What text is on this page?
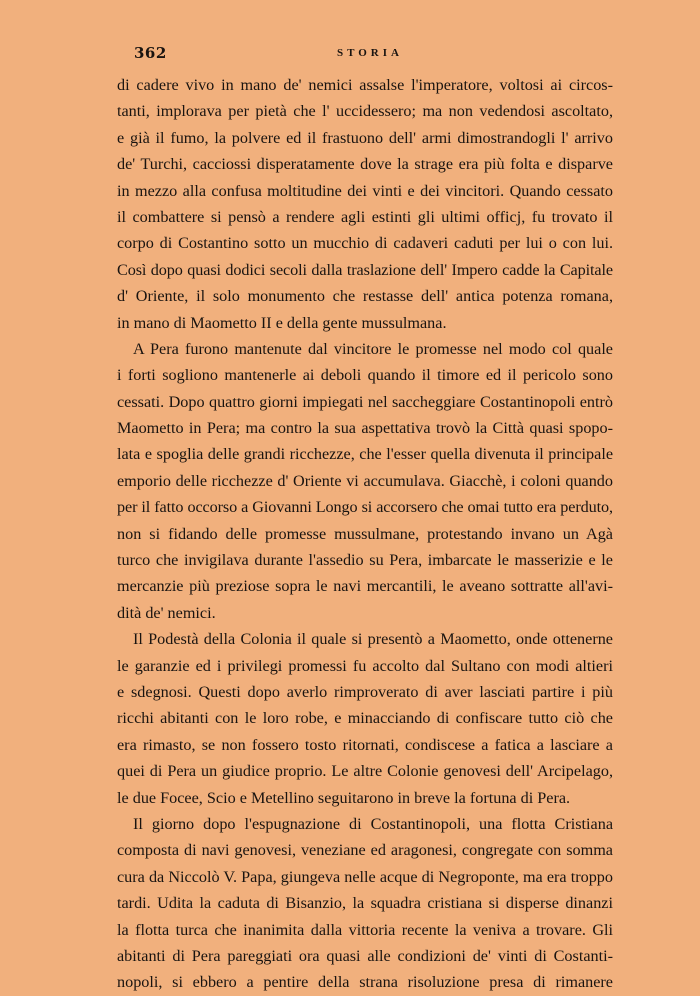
362	STORIA
di cadere vivo in mano de' nemici assalse l'imperatore, voltosi ai circos-
tanti, implorava per pietà che l' uccidessero; ma non vedendosi ascoltato,
e già il fumo, la polvere ed il frastuono dell' armi dimostrandogli l' arrivo
de' Turchi, cacciossi disperatamente dove la strage era più folta e disparve
in mezzo alla confusa moltitudine dei vinti e dei vincitori. Quando cessato
il combattere si pensò a rendere agli estinti gli ultimi officj, fu trovato il
corpo di Costantino sotto un mucchio di cadaveri caduti per lui o con lui.
Così dopo quasi dodici secoli dalla traslazione dell' Impero cadde la Capitale
d' Oriente, il solo monumento che restasse dell' antica potenza romana,
in mano di Maometto II e della gente mussulmana.
A Pera furono mantenute dal vincitore le promesse nel modo col quale
i forti sogliono mantenerle ai deboli quando il timore ed il pericolo sono
cessati. Dopo quattro giorni impiegati nel saccheggiare Costantinopoli entrò
Maometto in Pera; ma contro la sua aspettativa trovò la Città quasi spopo-
lata e spoglia delle grandi ricchezze, che l'esser quella divenuta il principale
emporio delle ricchezze d' Oriente vi accumulava. Giacchè, i coloni quando
per il fatto occorso a Giovanni Longo si accorsero che omai tutto era perduto,
non si fidando delle promesse mussulmane, protestando invano un Agà
turco che invigilava durante l'assedio su Pera, imbarcate le masserizie e le
mercanzie più preziose sopra le navi mercantili, le aveano sottratte all'avi-
dità de' nemici.
Il Podestà della Colonia il quale si presentò a Maometto, onde ottenerne
le garanzie ed i privilegi promessi fu accolto dal Sultano con modi altieri
e sdegnosi. Questi dopo averlo rimproverato di aver lasciati partire i più
ricchi abitanti con le loro robe, e minacciando di confiscare tutto ciò che
era rimasto, se non fossero tosto ritornati, condiscese a fatica a lasciare a
quei di Pera un giudice proprio. Le altre Colonie genovesi dell' Arcipelago,
le due Focee, Scio e Metellino seguitarono in breve la fortuna di Pera.
Il giorno dopo l'espugnazione di Costantinopoli, una flotta Cristiana
composta di navi genovesi, veneziane ed aragonesi, congregate con somma
cura da Niccolò V. Papa, giungeva nelle acque di Negroponte, ma era troppo
tardi. Udita la caduta di Bisanzio, la squadra cristiana si disperse dinanzi
la flotta turca che inanimita dalla vittoria recente la veniva a trovare. Gli
abitanti di Pera pareggiati ora quasi alle condizioni de' vinti di Costanti-
nopoli, si ebbero a pentire della strana risoluzione presa di rimanere
